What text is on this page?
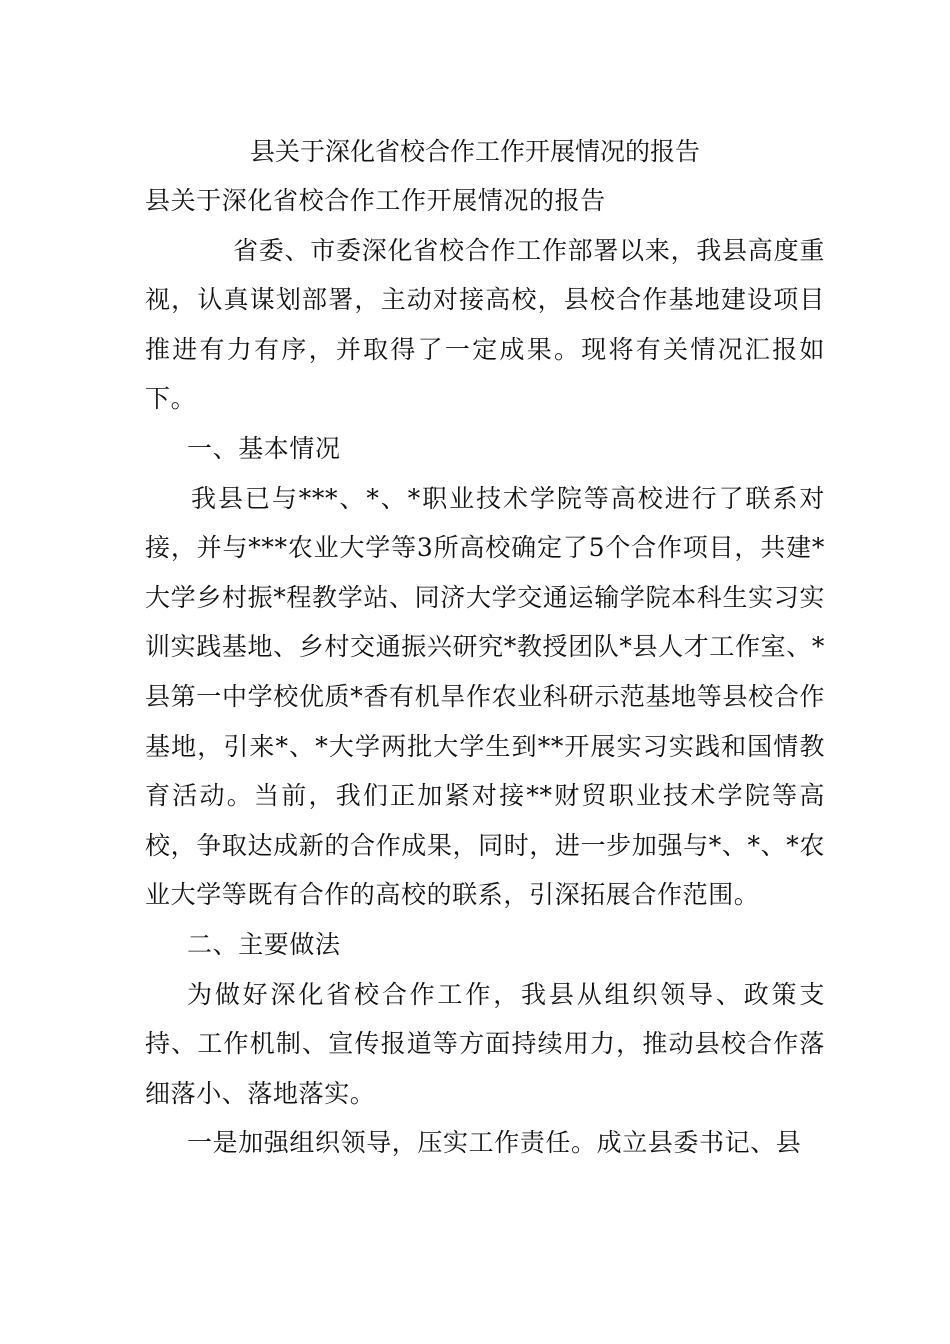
县关于深化省校合作工作开展情况的报告

县关于深化省校合作工作开展情况的报告

省委、市委深化省校合作工作部署以来，我县高度重视，认真谋划部署，主动对接高校，县校合作基地建设项目推进有力有序，并取得了一定成果。现将有关情况汇报如下。

一、基本情况

我县已与***、*、*职业技术学院等高校进行了联系对接，并与***农业大学等3所高校确定了5个合作项目，共建*大学乡村振*程教学站、同济大学交通运输学院本科生实习实训实践基地、乡村交通振兴研究*教授团队*县人才工作室、*县第一中学校优质*香有机旱作农业科研示范基地等县校合作基地，引来*、*大学两批大学生到**开展实习实践和国情教育活动。当前，我们正加紧对接**财贸职业技术学院等高校，争取达成新的合作成果，同时，进一步加强与*、*、*农业大学等既有合作的高校的联系，引深拓展合作范围。

二、主要做法

为做好深化省校合作工作，我县从组织领导、政策支持、工作机制、宣传报道等方面持续用力，推动县校合作落细落小、落地落实。

一是加强组织领导，压实工作责任。成立县委书记、县
